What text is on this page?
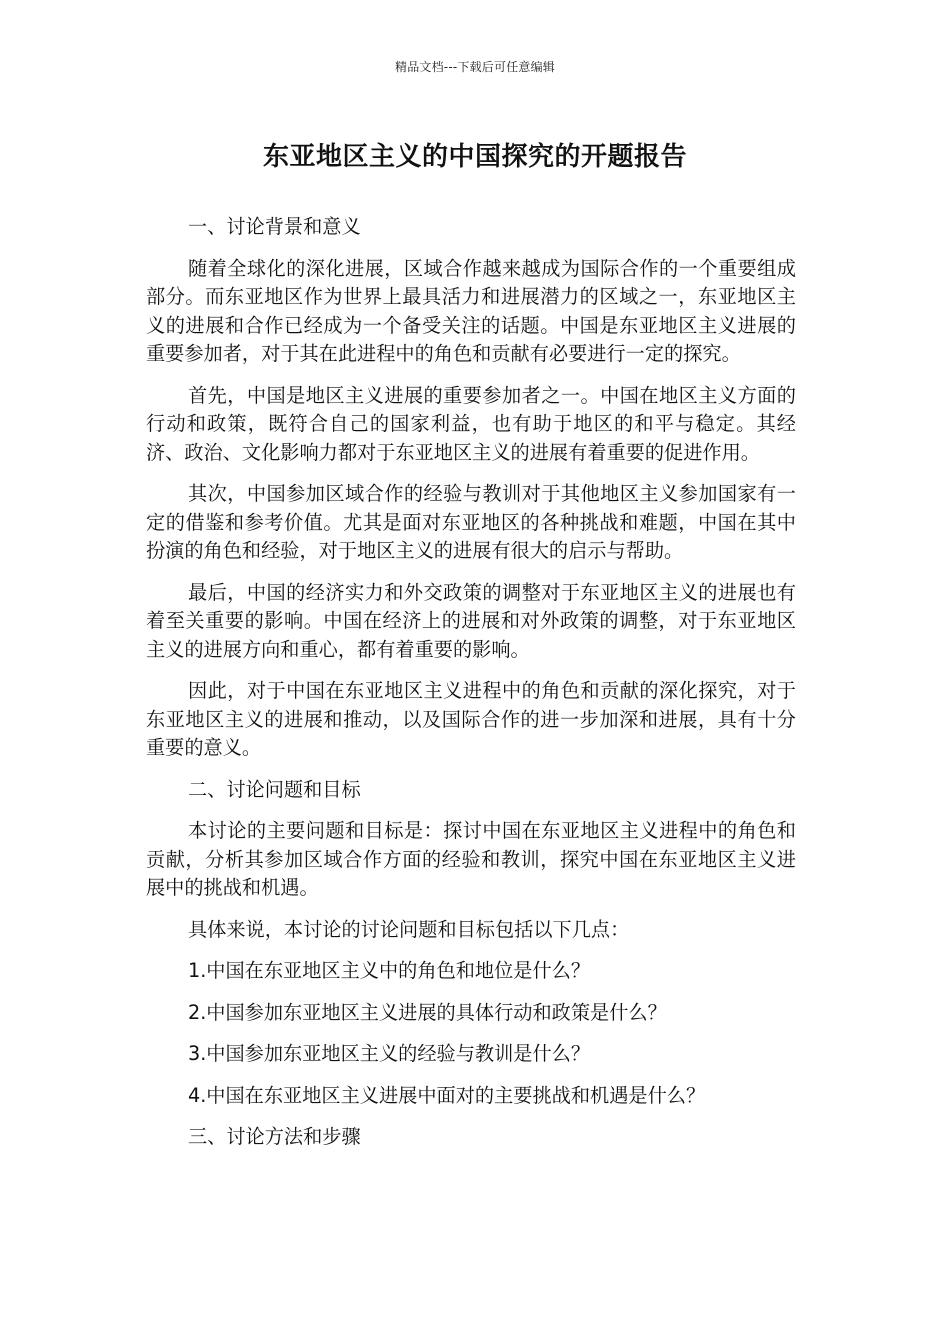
精品文档---下载后可任意编辑
东亚地区主义的中国探究的开题报告

一、讨论背景和意义

随着全球化的深化进展，区域合作越来越成为国际合作的一个重要组成部分。而东亚地区作为世界上最具活力和进展潜力的区域之一，东亚地区主义的进展和合作已经成为一个备受关注的话题。中国是东亚地区主义进展的重要参加者，对于其在此进程中的角色和贡献有必要进行一定的探究。

首先，中国是地区主义进展的重要参加者之一。中国在地区主义方面的行动和政策，既符合自己的国家利益，也有助于地区的和平与稳定。其经济、政治、文化影响力都对于东亚地区主义的进展有着重要的促进作用。

其次，中国参加区域合作的经验与教训对于其他地区主义参加国家有一定的借鉴和参考价值。尤其是面对东亚地区的各种挑战和难题，中国在其中扮演的角色和经验，对于地区主义的进展有很大的启示与帮助。

最后，中国的经济实力和外交政策的调整对于东亚地区主义的进展也有着至关重要的影响。中国在经济上的进展和对外政策的调整，对于东亚地区主义的进展方向和重心，都有着重要的影响。

因此，对于中国在东亚地区主义进程中的角色和贡献的深化探究，对于东亚地区主义的进展和推动，以及国际合作的进一步加深和进展，具有十分重要的意义。

二、讨论问题和目标

本讨论的主要问题和目标是：探讨中国在东亚地区主义进程中的角色和贡献，分析其参加区域合作方面的经验和教训，探究中国在东亚地区主义进展中的挑战和机遇。

具体来说，本讨论的讨论问题和目标包括以下几点：

1.中国在东亚地区主义中的角色和地位是什么？

2.中国参加东亚地区主义进展的具体行动和政策是什么？

3.中国参加东亚地区主义的经验与教训是什么？

4.中国在东亚地区主义进展中面对的主要挑战和机遇是什么？

三、讨论方法和步骤
